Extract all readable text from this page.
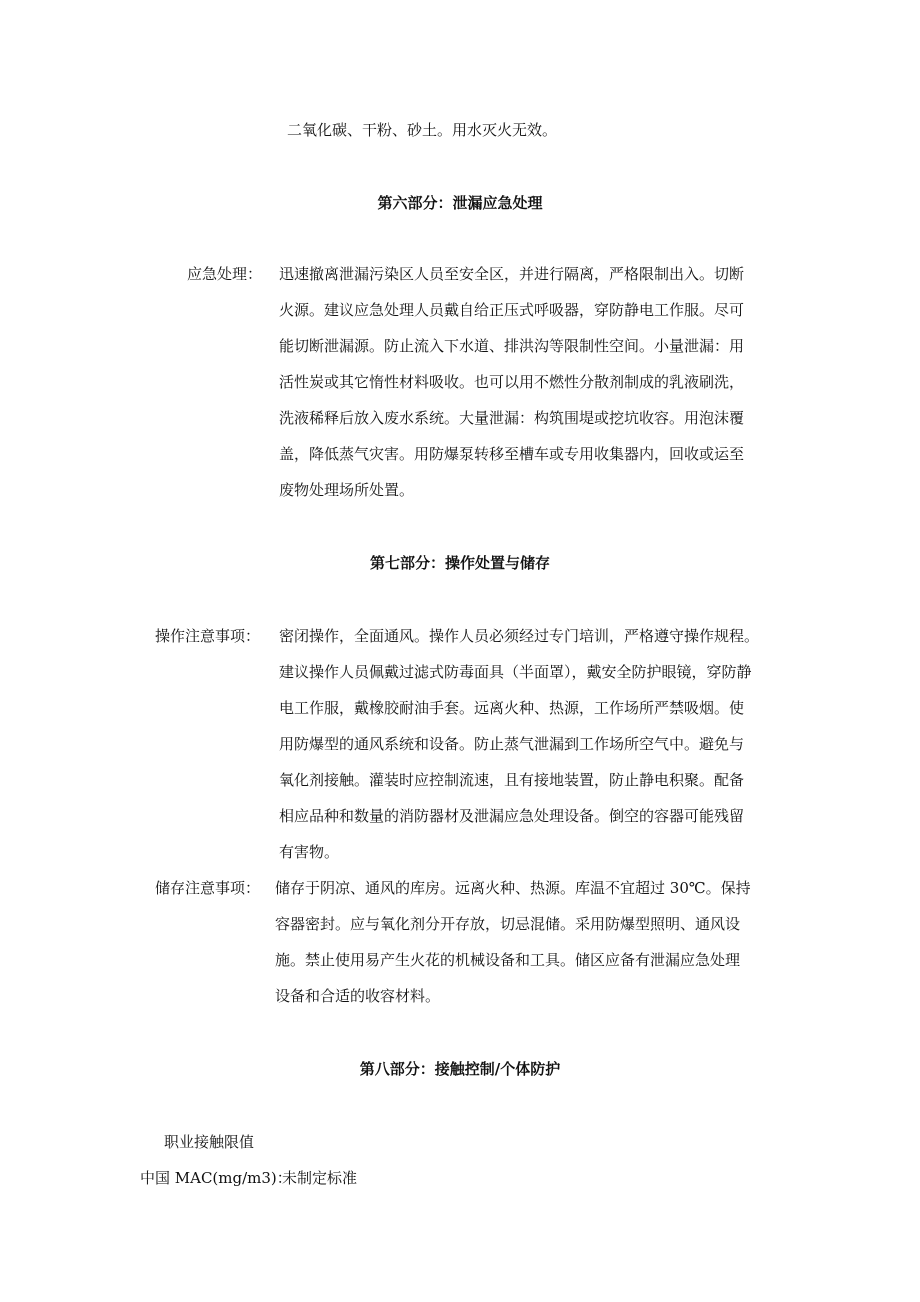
二氧化碳、干粉、砂土。用水灭火无效。
第六部分：泄漏应急处理
应急处理： 迅速撤离泄漏污染区人员至安全区，并进行隔离，严格限制出入。切断
火源。建议应急处理人员戴自给正压式呼吸器，穿防静电工作服。尽可
能切断泄漏源。防止流入下水道、排洪沟等限制性空间。小量泄漏：用
活性炭或其它惰性材料吸收。也可以用不燃性分散剂制成的乳液刷洗，
洗液稀释后放入废水系统。大量泄漏：构筑围堤或挖坑收容。用泡沫覆
盖，降低蒸气灾害。用防爆泵转移至槽车或专用收集器内，回收或运至
废物处理场所处置。
第七部分：操作处置与储存
操作注意事项： 密闭操作，全面通风。操作人员必须经过专门培训，严格遵守操作规程。
建议操作人员佩戴过滤式防毒面具（半面罩），戴安全防护眼镜，穿防静
电工作服，戴橡胶耐油手套。远离火种、热源，工作场所严禁吸烟。使
用防爆型的通风系统和设备。防止蒸气泄漏到工作场所空气中。避免与
氧化剂接触。灌装时应控制流速，且有接地装置，防止静电积聚。配备
相应品种和数量的消防器材及泄漏应急处理设备。倒空的容器可能残留
有害物。
储存注意事项： 储存于阴凉、通风的库房。远离火种、热源。库温不宜超过 30℃。保持
容器密封。应与氧化剂分开存放，切忌混储。采用防爆型照明、通风设
施。禁止使用易产生火花的机械设备和工具。储区应备有泄漏应急处理
设备和合适的收容材料。
第八部分：接触控制/个体防护
职业接触限值
中国 MAC(mg/m3)：
未制定标准
